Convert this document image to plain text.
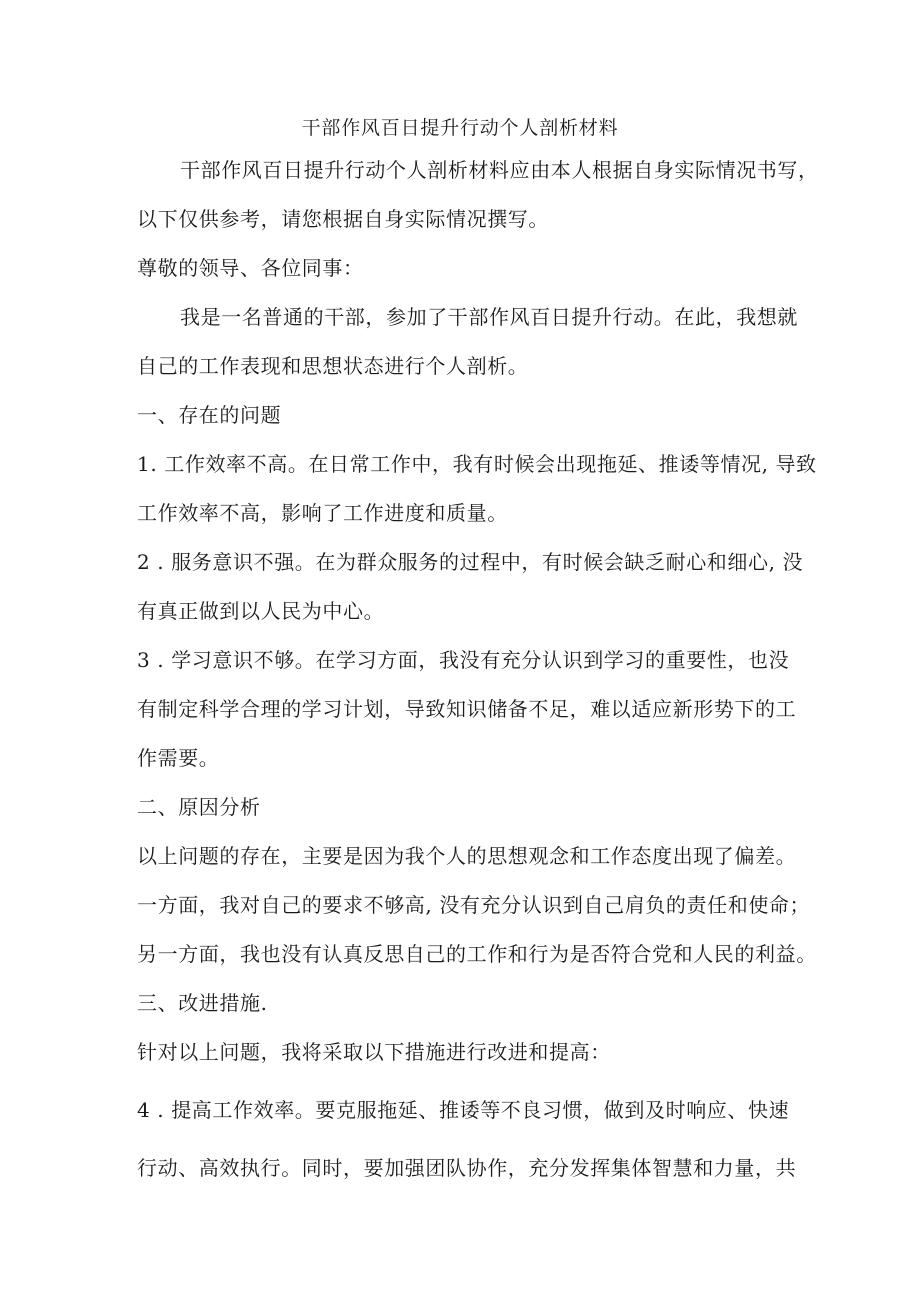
干部作风百日提升行动个人剖析材料
干部作风百日提升行动个人剖析材料应由本人根据自身实际情况书写，
以下仅供参考，请您根据自身实际情况撰写。
尊敬的领导、各位同事：
我是一名普通的干部，参加了干部作风百日提升行动。在此，我想就
自己的工作表现和思想状态进行个人剖析。
一、存在的问题
1. 工作效率不高。在日常工作中，我有时候会出现拖延、推诿等情况, 导致
工作效率不高，影响了工作进度和质量。
2 . 服务意识不强。在为群众服务的过程中，有时候会缺乏耐心和细心, 没
有真正做到以人民为中心。
3 . 学习意识不够。在学习方面，我没有充分认识到学习的重要性，也没
有制定科学合理的学习计划，导致知识储备不足，难以适应新形势下的工
作需要。
二、原因分析
以上问题的存在，主要是因为我个人的思想观念和工作态度出现了偏差。
一方面，我对自己的要求不够高, 没有充分认识到自己肩负的责任和使命；
另一方面，我也没有认真反思自己的工作和行为是否符合党和人民的利益。
三、改进措施.
针对以上问题，我将采取以下措施进行改进和提高：
4 . 提高工作效率。要克服拖延、推诿等不良习惯，做到及时响应、快速
行动、高效执行。同时，要加强团队协作，充分发挥集体智慧和力量，共
